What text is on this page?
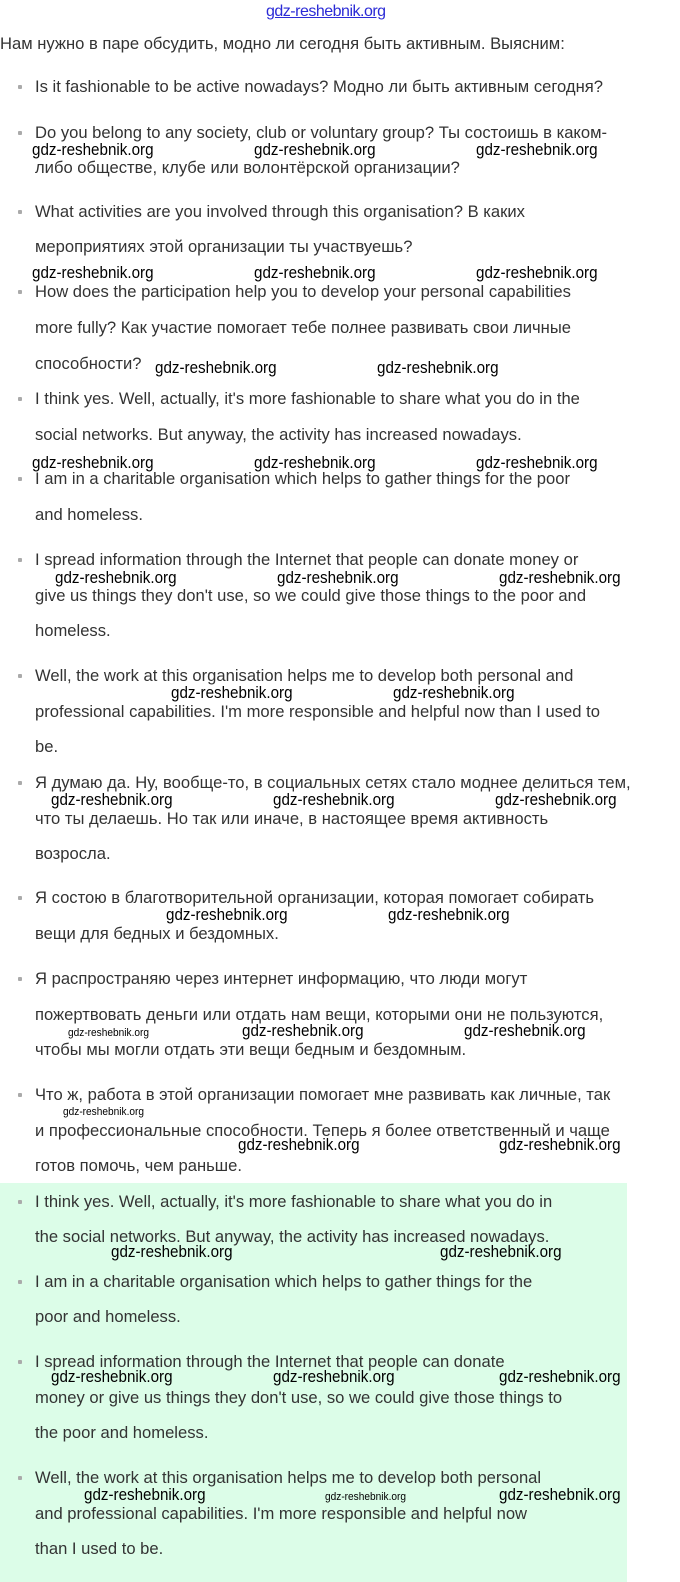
gdz-reshebnik.org
Нам нужно в паре обсудить, модно ли сегодня быть активным. Выясним:
Is it fashionable to be active nowadays? Модно ли быть активным сегодня?
Do you belong to any society, club or voluntary group? Ты состоишь в каком-
либо обществе, клубе или волонтёрской организации?
What activities are you involved through this organisation? В каких
мероприятиях этой организации ты участвуешь?
How does the participation help you to develop your personal capabilities
more fully? Как участие помогает тебе полнее развивать свои личные
способности?
I think yes. Well, actually, it's more fashionable to share what you do in the
social networks. But anyway, the activity has increased nowadays.
I am in a charitable organisation which helps to gather things for the poor
and homeless.
I spread information through the Internet that people can donate money or
give us things they don't use, so we could give those things to the poor and
homeless.
Well, the work at this organisation helps me to develop both personal and
professional capabilities. I'm more responsible and helpful now than I used to
be.
Я думаю да. Ну, вообще-то, в социальных сетях стало моднее делиться тем,
что ты делаешь. Но так или иначе, в настоящее время активность
возросла.
Я состою в благотворительной организации, которая помогает собирать
вещи для бедных и бездомных.
Я распространяю через интернет информацию, что люди могут
пожертвовать деньги или отдать нам вещи, которыми они не пользуются,
чтобы мы могли отдать эти вещи бедным и бездомным.
Что ж, работа в этой организации помогает мне развивать как личные, так
и профессиональные способности. Теперь я более ответственный и чаще
готов помочь, чем раньше.
I think yes. Well, actually, it's more fashionable to share what you do in
the social networks. But anyway, the activity has increased nowadays.
I am in a charitable organisation which helps to gather things for the
poor and homeless.
I spread information through the Internet that people can donate
money or give us things they don't use, so we could give those things to
the poor and homeless.
Well, the work at this organisation helps me to develop both personal
and professional capabilities. I'm more responsible and helpful now
than I used to be.
gdz-reshebnik.org	gdz-reshebnik.org	gdz-reshebnik.org
gdz-reshebnik.org	gdz-reshebnik.org	gdz-reshebnik.org
gdz-reshebnik.org	gdz-reshebnik.org
gdz-reshebnik.org	gdz-reshebnik.org	gdz-reshebnik.org
gdz-reshebnik.org	gdz-reshebnik.org	gdz-reshebnik.org
gdz-reshebnik.org	gdz-reshebnik.org
gdz-reshebnik.org	gdz-reshebnik.org	gdz-reshebnik.org
gdz-reshebnik.org	gdz-reshebnik.org
gdz-reshebnik.org	gdz-reshebnik.org
gdz-reshebnik.org	gdz-reshebnik.org
gdz-reshebnik.org	gdz-reshebnik.org
gdz-reshebnik.org	gdz-reshebnik.org	gdz-reshebnik.org
gdz-reshebnik.org	gdz-reshebnik.org
gdz-reshebnik.org
gdz-reshebnik.org
gdz-reshebnik.org
